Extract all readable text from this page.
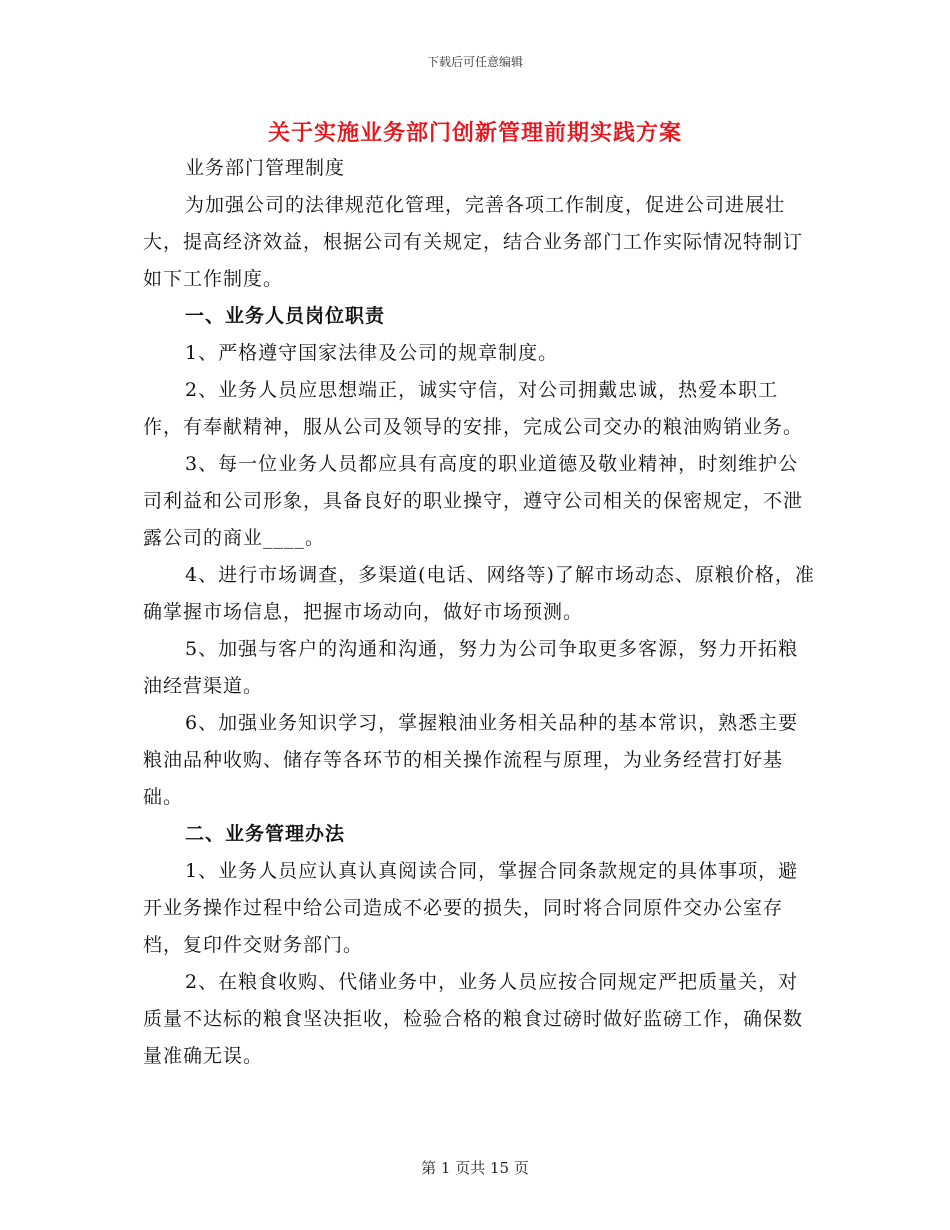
下载后可任意编辑
关于实施业务部门创新管理前期实践方案

业务部门管理制度

为加强公司的法律规范化管理，完善各项工作制度，促进公司进展壮大，提高经济效益，根据公司有关规定，结合业务部门工作实际情况特制订如下工作制度。

一、业务人员岗位职责

1、严格遵守国家法律及公司的规章制度。

2、业务人员应思想端正，诚实守信，对公司拥戴忠诚，热爱本职工作，有奉献精神，服从公司及领导的安排，完成公司交办的粮油购销业务。

3、每一位业务人员都应具有高度的职业道德及敬业精神，时刻维护公司利益和公司形象，具备良好的职业操守，遵守公司相关的保密规定，不泄露公司的商业____。

4、进行市场调查，多渠道(电话、网络等)了解市场动态、原粮价格，准确掌握市场信息，把握市场动向，做好市场预测。

5、加强与客户的沟通和沟通，努力为公司争取更多客源，努力开拓粮油经营渠道。

6、加强业务知识学习，掌握粮油业务相关品种的基本常识，熟悉主要粮油品种收购、储存等各环节的相关操作流程与原理，为业务经营打好基础。

二、业务管理办法

1、业务人员应认真认真阅读合同，掌握合同条款规定的具体事项，避开业务操作过程中给公司造成不必要的损失，同时将合同原件交办公室存档，复印件交财务部门。

2、在粮食收购、代储业务中，业务人员应按合同规定严把质量关，对质量不达标的粮食坚决拒收，检验合格的粮食过磅时做好监磅工作，确保数量准确无误。

第 1 页共 15 页
